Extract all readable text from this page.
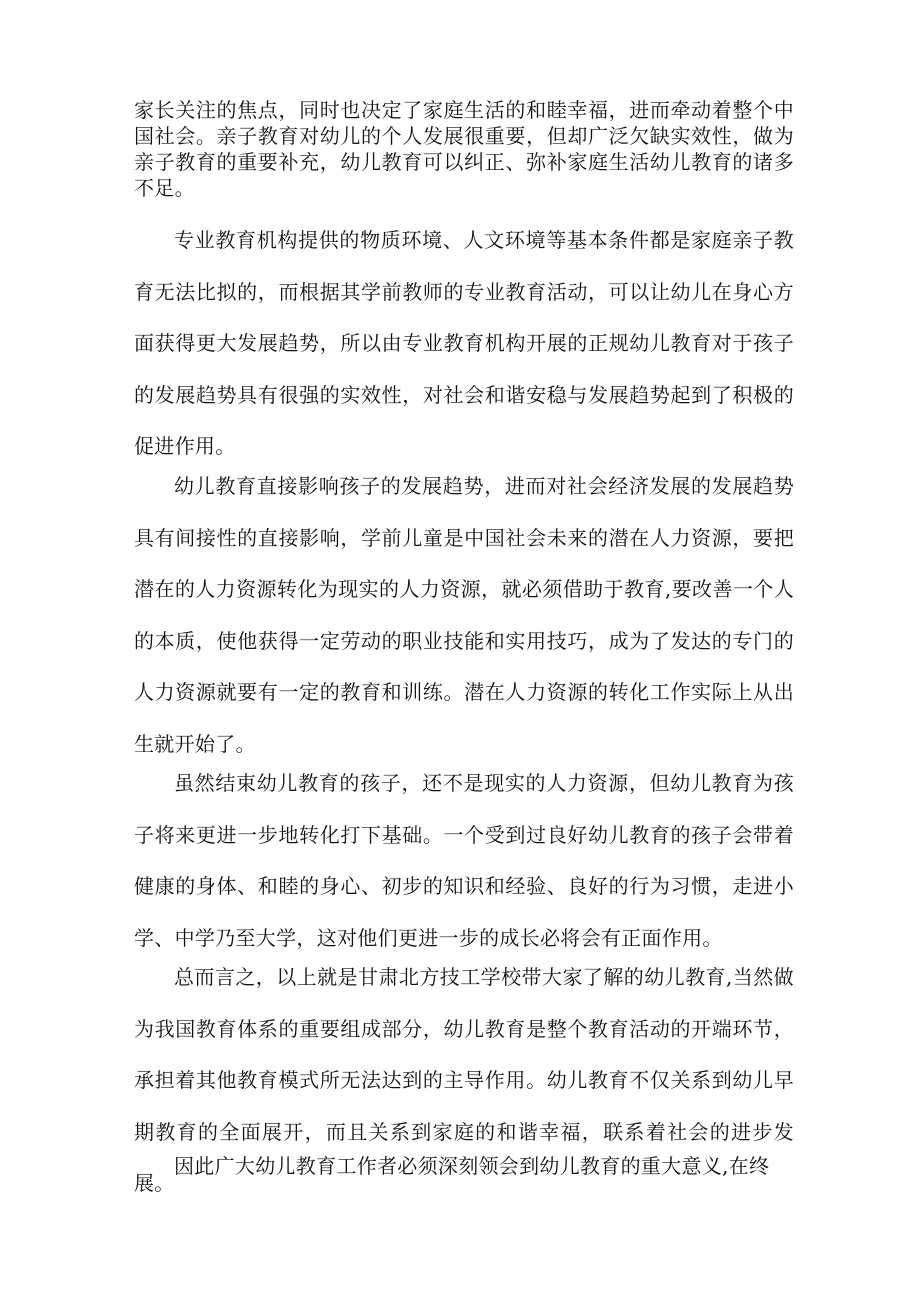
家长关注的焦点，同时也决定了家庭生活的和睦幸福，进而牵动着整个中国社会。亲子教育对幼儿的个人发展很重要，但却广泛欠缺实效性，做为亲子教育的重要补充，幼儿教育可以纠正、弥补家庭生活幼儿教育的诸多不足。

专业教育机构提供的物质环境、人文环境等基本条件都是家庭亲子教育无法比拟的，而根据其学前教师的专业教育活动，可以让幼儿在身心方面获得更大发展趋势，所以由专业教育机构开展的正规幼儿教育对于孩子的发展趋势具有很强的实效性，对社会和谐安稳与发展趋势起到了积极的促进作用。

幼儿教育直接影响孩子的发展趋势，进而对社会经济发展的发展趋势具有间接性的直接影响，学前儿童是中国社会未来的潜在人力资源，要把潜在的人力资源转化为现实的人力资源，就必须借助于教育,要改善一个人的本质，使他获得一定劳动的职业技能和实用技巧，成为了发达的专门的人力资源就要有一定的教育和训练。潜在人力资源的转化工作实际上从出生就开始了。

虽然结束幼儿教育的孩子，还不是现实的人力资源，但幼儿教育为孩子将来更进一步地转化打下基础。一个受到过良好幼儿教育的孩子会带着健康的身体、和睦的身心、初步的知识和经验、良好的行为习惯，走进小学、中学乃至大学，这对他们更进一步的成长必将会有正面作用。

总而言之，以上就是甘肃北方技工学校带大家了解的幼儿教育,当然做为我国教育体系的重要组成部分，幼儿教育是整个教育活动的开端环节，承担着其他教育模式所无法达到的主导作用。幼儿教育不仅关系到幼儿早期教育的全面展开，而且关系到家庭的和谐幸福，联系着社会的进步发展。

因此广大幼儿教育工作者必须深刻领会到幼儿教育的重大意义,在终
